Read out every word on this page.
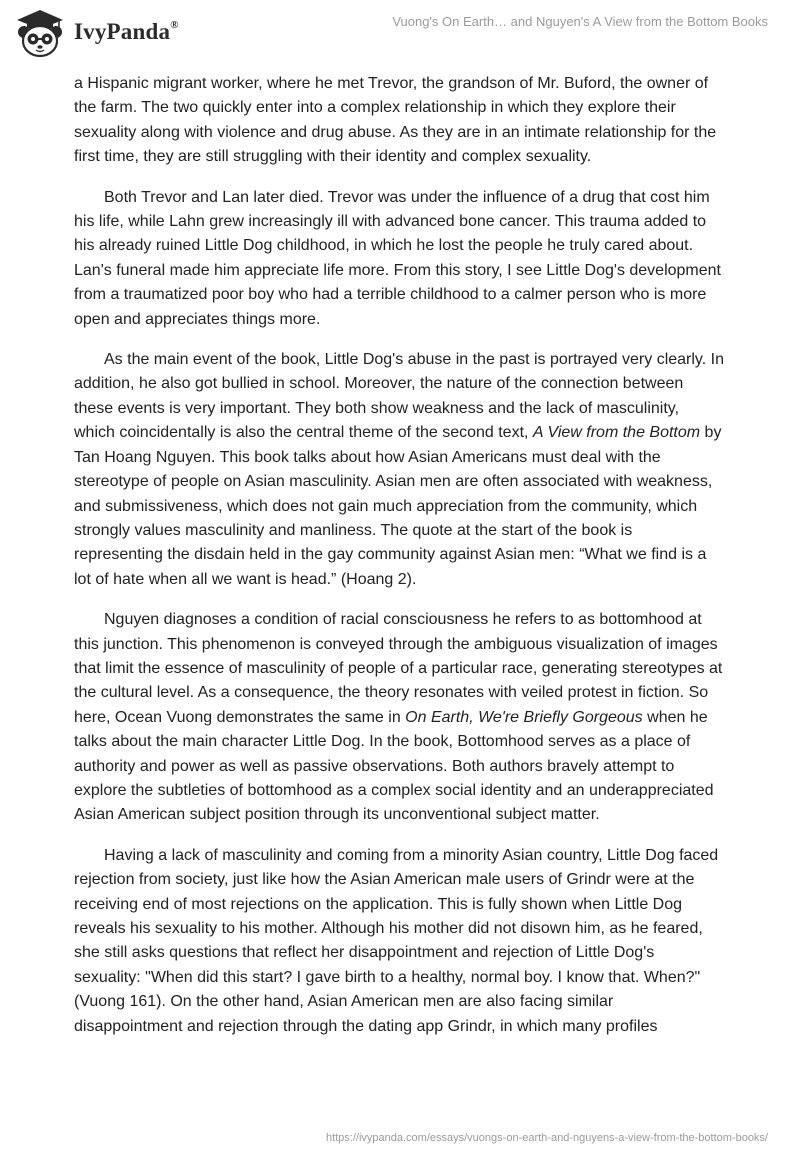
IvyPanda®	Vuong's On Earth… and Nguyen's A View from the Bottom Books

a Hispanic migrant worker, where he met Trevor, the grandson of Mr. Buford, the owner of the farm. The two quickly enter into a complex relationship in which they explore their sexuality along with violence and drug abuse. As they are in an intimate relationship for the first time, they are still struggling with their identity and complex sexuality.

Both Trevor and Lan later died. Trevor was under the influence of a drug that cost him his life, while Lahn grew increasingly ill with advanced bone cancer. This trauma added to his already ruined Little Dog childhood, in which he lost the people he truly cared about. Lan's funeral made him appreciate life more. From this story, I see Little Dog's development from a traumatized poor boy who had a terrible childhood to a calmer person who is more open and appreciates things more.

As the main event of the book, Little Dog's abuse in the past is portrayed very clearly. In addition, he also got bullied in school. Moreover, the nature of the connection between these events is very important. They both show weakness and the lack of masculinity, which coincidentally is also the central theme of the second text, A View from the Bottom by Tan Hoang Nguyen. This book talks about how Asian Americans must deal with the stereotype of people on Asian masculinity. Asian men are often associated with weakness, and submissiveness, which does not gain much appreciation from the community, which strongly values masculinity and manliness. The quote at the start of the book is representing the disdain held in the gay community against Asian men: “What we find is a lot of hate when all we want is head.” (Hoang 2).

Nguyen diagnoses a condition of racial consciousness he refers to as bottomhood at this junction. This phenomenon is conveyed through the ambiguous visualization of images that limit the essence of masculinity of people of a particular race, generating stereotypes at the cultural level. As a consequence, the theory resonates with veiled protest in fiction. So here, Ocean Vuong demonstrates the same in On Earth, We're Briefly Gorgeous when he talks about the main character Little Dog. In the book, Bottomhood serves as a place of authority and power as well as passive observations. Both authors bravely attempt to explore the subtleties of bottomhood as a complex social identity and an underappreciated Asian American subject position through its unconventional subject matter.

Having a lack of masculinity and coming from a minority Asian country, Little Dog faced rejection from society, just like how the Asian American male users of Grindr were at the receiving end of most rejections on the application. This is fully shown when Little Dog reveals his sexuality to his mother. Although his mother did not disown him, as he feared, she still asks questions that reflect her disappointment and rejection of Little Dog's sexuality: "When did this start? I gave birth to a healthy, normal boy. I know that. When?" (Vuong 161). On the other hand, Asian American men are also facing similar disappointment and rejection through the dating app Grindr, in which many profiles

https://ivypanda.com/essays/vuongs-on-earth-and-nguyens-a-view-from-the-bottom-books/
